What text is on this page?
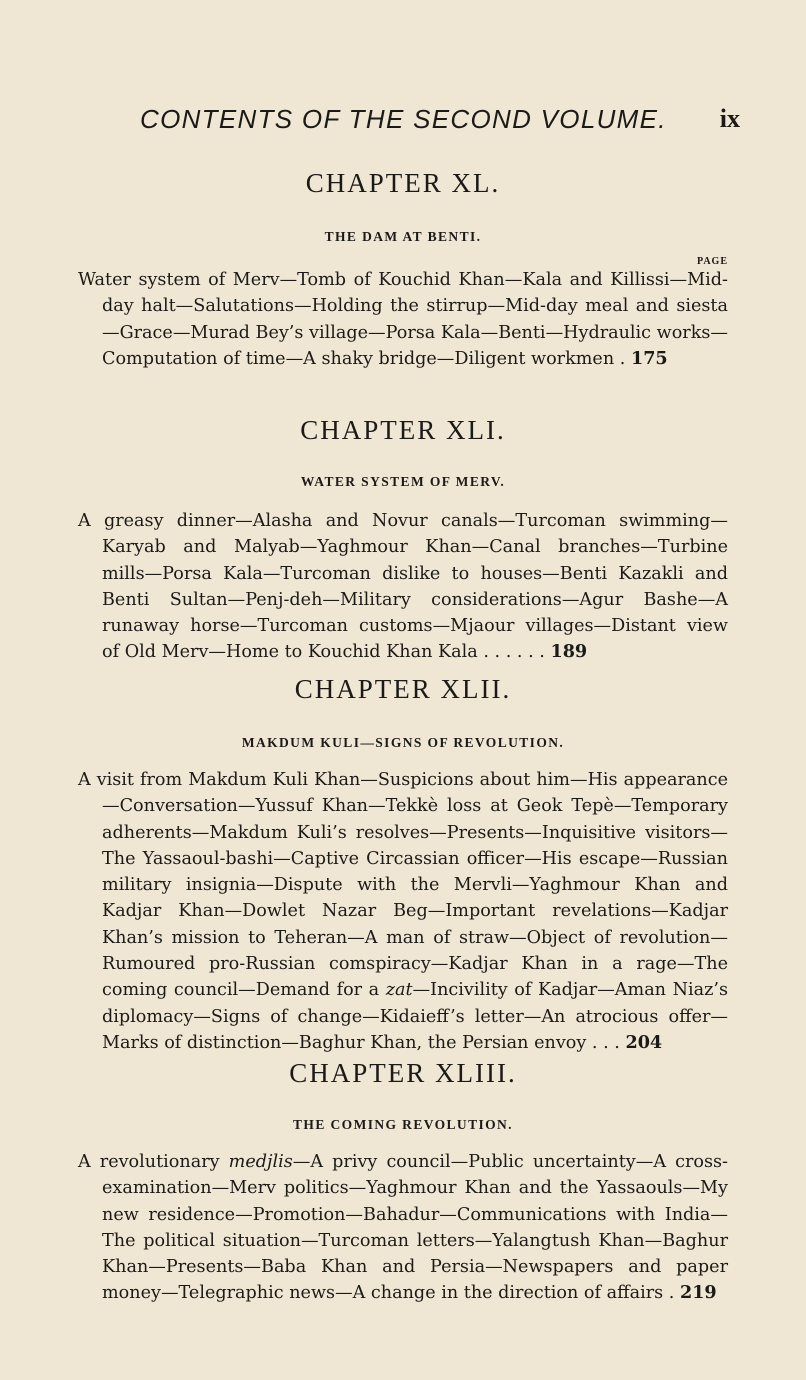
CONTENTS OF THE SECOND VOLUME. ix

CHAPTER XL.

THE DAM AT BENTI.

PAGE

Water system of Merv—Tomb of Kouchid Khan—Kala and Killissi—Mid-day halt—Salutations—Holding the stirrup—Mid-day meal and siesta—Grace—Murad Bey’s village—Porsa Kala—Benti—Hydraulic works—Computation of time—A shaky bridge—Diligent workmen . 175

CHAPTER XLI.

WATER SYSTEM OF MERV.

A greasy dinner—Alasha and Novur canals—Turcoman swimming—Karyab and Malyab—Yaghmour Khan—Canal branches—Turbine mills—Porsa Kala—Turcoman dislike to houses—Benti Kazakli and Benti Sultan—Penj-deh—Military considerations—Agur Bashe—A runaway horse—Turcoman customs—Mjaour villages—Distant view of Old Merv—Home to Kouchid Khan Kala . . . . . . 189

CHAPTER XLII.

MAKDUM KULI—SIGNS OF REVOLUTION.

A visit from Makdum Kuli Khan—Suspicions about him—His appearance—Conversation—Yussuf Khan—Tekkè loss at Geok Tepè—Temporary adherents—Makdum Kuli’s resolves—Presents—Inquisitive visitors—The Yassaoul-bashi—Captive Circassian officer—His escape—Russian military insignia—Dispute with the Mervli—Yaghmour Khan and Kadjar Khan—Dowlet Nazar Beg—Important revelations—Kadjar Khan’s mission to Teheran—A man of straw—Object of revolution—Rumoured pro-Russian comspiracy—Kadjar Khan in a rage—The coming council—Demand for a zat—Incivility of Kadjar—Aman Niaz’s diplomacy—Signs of change—Kidaieff’s letter—An atrocious offer—Marks of distinction—Baghur Khan, the Persian envoy . . . 204

CHAPTER XLIII.

THE COMING REVOLUTION.

A revolutionary medjlis—A privy council—Public uncertainty—A cross-examination—Merv politics—Yaghmour Khan and the Yassaouls—My new residence—Promotion—Bahadur—Communications with India—The political situation—Turcoman letters—Yalangtush Khan—Baghur Khan—Presents—Baba Khan and Persia—Newspapers and paper money—Telegraphic news—A change in the direction of affairs . 219
